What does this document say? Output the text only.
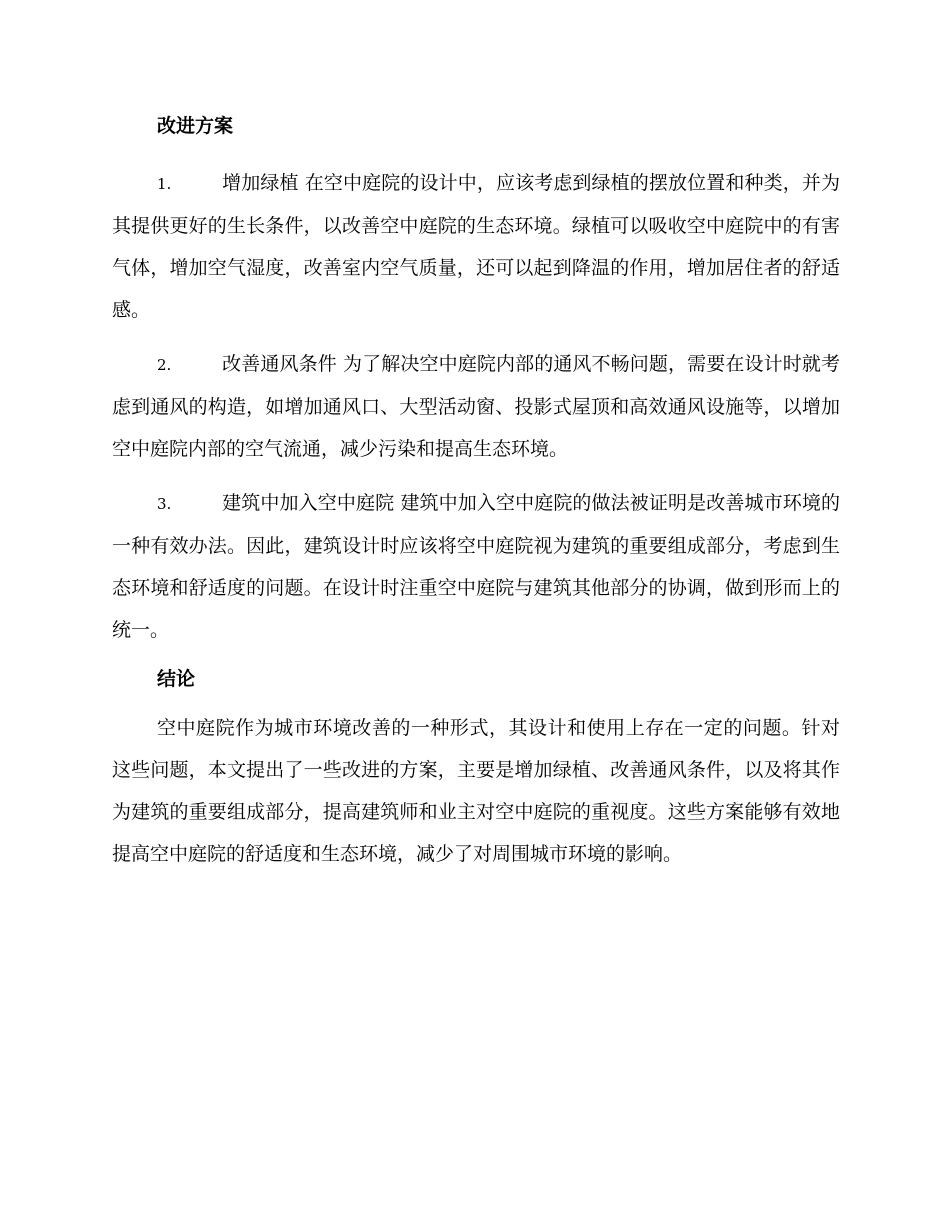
改进方案
1.	增加绿植 在空中庭院的设计中，应该考虑到绿植的摆放位置和种类，并为其提供更好的生长条件，以改善空中庭院的生态环境。绿植可以吸收空中庭院中的有害气体，增加空气湿度，改善室内空气质量，还可以起到降温的作用，增加居住者的舒适感。
2.	改善通风条件 为了解决空中庭院内部的通风不畅问题，需要在设计时就考虑到通风的构造，如增加通风口、大型活动窗、投影式屋顶和高效通风设施等，以增加空中庭院内部的空气流通，减少污染和提高生态环境。
3.	建筑中加入空中庭院 建筑中加入空中庭院的做法被证明是改善城市环境的一种有效办法。因此，建筑设计时应该将空中庭院视为建筑的重要组成部分，考虑到生态环境和舒适度的问题。在设计时注重空中庭院与建筑其他部分的协调，做到形而上的统一。
结论

空中庭院作为城市环境改善的一种形式，其设计和使用上存在一定的问题。针对这些问题，本文提出了一些改进的方案，主要是增加绿植、改善通风条件，以及将其作为建筑的重要组成部分，提高建筑师和业主对空中庭院的重视度。这些方案能够有效地提高空中庭院的舒适度和生态环境，减少了对周围城市环境的影响。
